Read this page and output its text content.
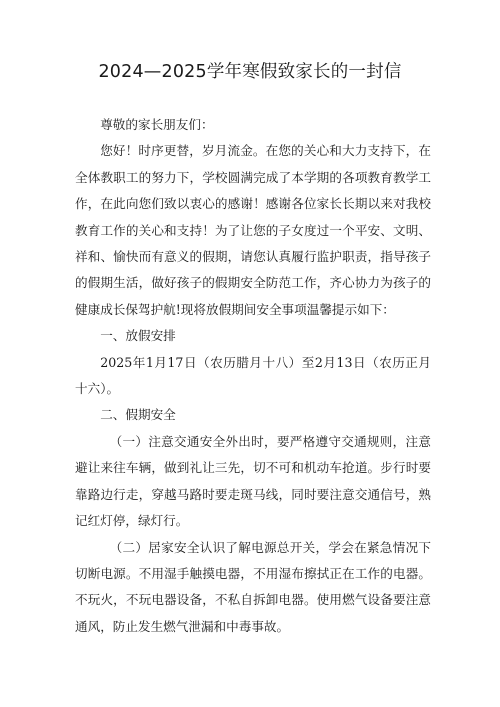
2024—2025学年寒假致家长的一封信

尊敬的家长朋友们：

您好！时序更替，岁月流金。在您的关心和大力支持下，在全体教职工的努力下，学校圆满完成了本学期的各项教育教学工作，在此向您们致以衷心的感谢！感谢各位家长长期以来对我校教育工作的关心和支持！为了让您的子女度过一个平安、文明、祥和、愉快而有意义的假期，请您认真履行监护职责，指导孩子的假期生活，做好孩子的假期安全防范工作，齐心协力为孩子的健康成长保驾护航!现将放假期间安全事项温馨提示如下：

一、放假安排

2025年1月17日（农历腊月十八）至2月13日（农历正月十六）。

二、假期安全

（一）注意交通安全外出时，要严格遵守交通规则，注意避让来往车辆，做到礼让三先，切不可和机动车抢道。步行时要靠路边行走，穿越马路时要走斑马线，同时要注意交通信号，熟记红灯停，绿灯行。

（二）居家安全认识了解电源总开关，学会在紧急情况下切断电源。不用湿手触摸电器，不用湿布擦拭正在工作的电器。不玩火，不玩电器设备，不私自拆卸电器。使用燃气设备要注意通风，防止发生燃气泄漏和中毒事故。
